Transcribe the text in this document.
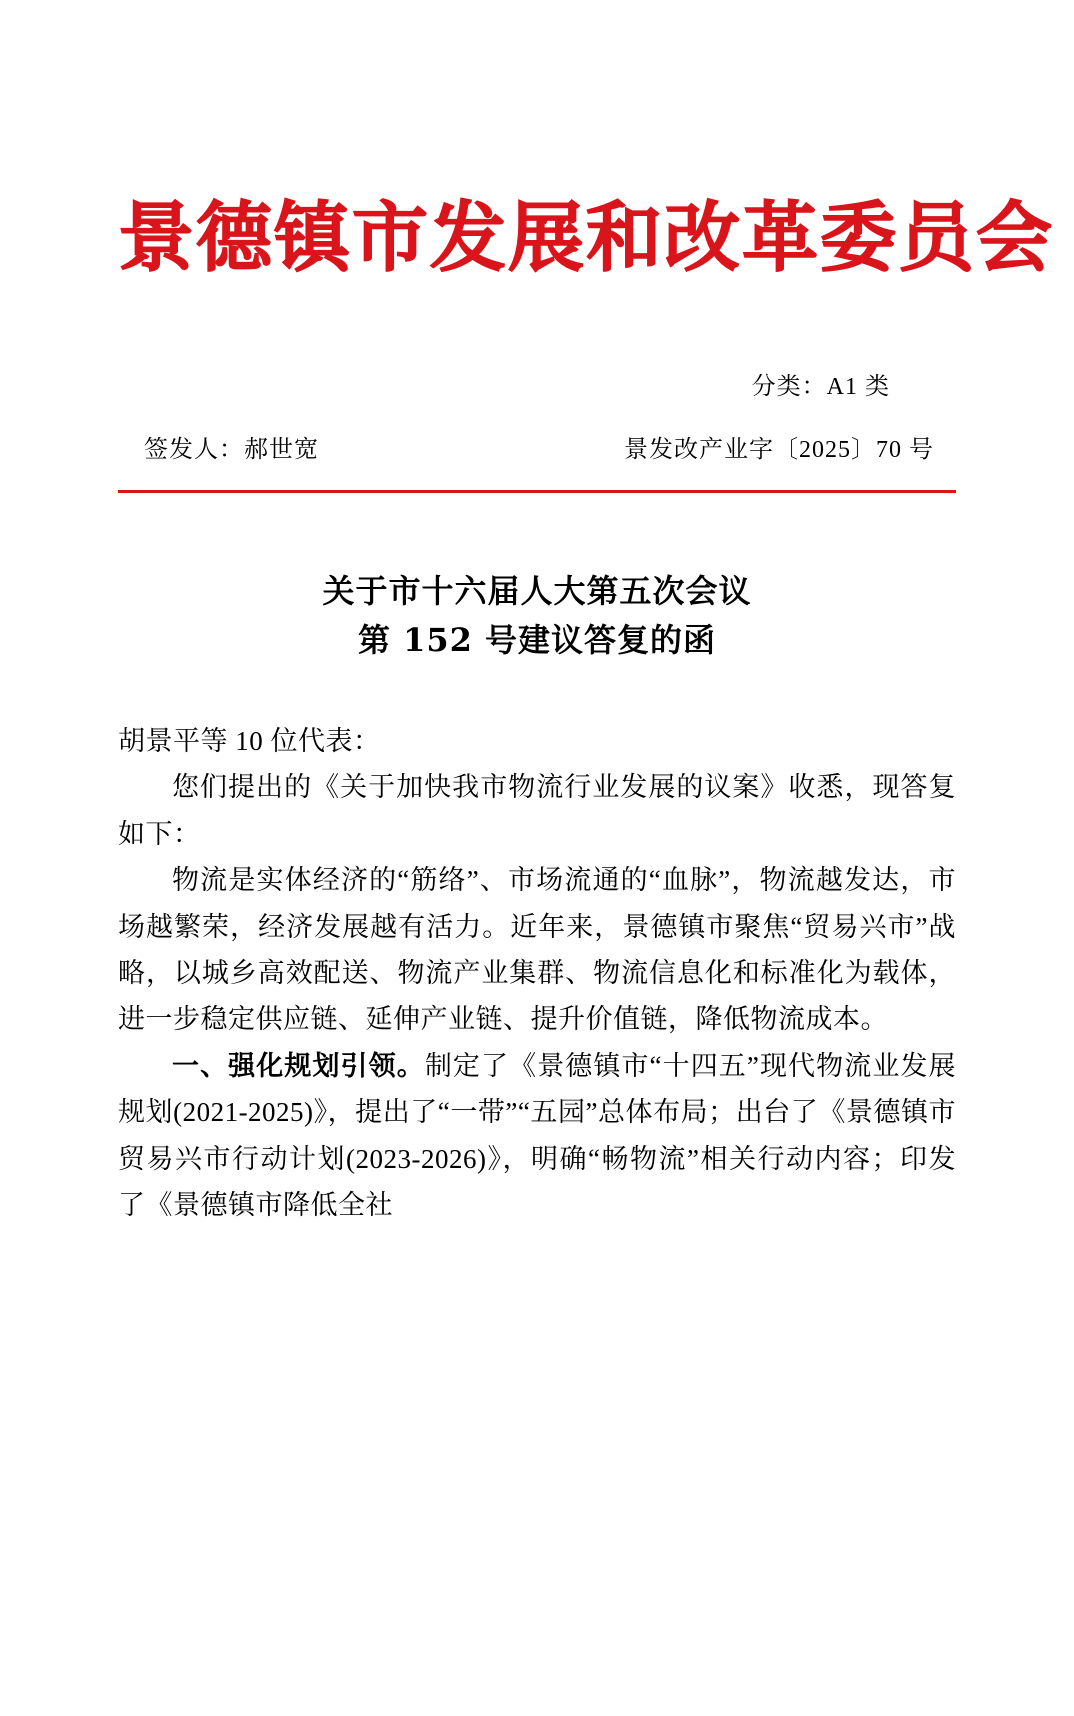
景德镇市发展和改革委员会
分类：A1 类
签发人： 郝世宽	景发改产业字〔2025〕70 号
关于市十六届人大第五次会议
第 152 号建议答复的函

胡景平等 10 位代表：

您们提出的《关于加快我市物流行业发展的议案》收悉，现答复如下：

物流是实体经济的“筋络”、市场流通的“血脉”，物流越发达，市场越繁荣，经济发展越有活力。近年来，景德镇市聚焦“贸易兴市”战略，以城乡高效配送、物流产业集群、物流信息化和标准化为载体，进一步稳定供应链、延伸产业链、提升价值链，降低物流成本。

一、强化规划引领。制定了《景德镇市“十四五”现代物流业发展规划(2021-2025)》，提出了“一带”“五园”总体布局；出台了《景德镇市贸易兴市行动计划(2023-2026)》，明确“畅物流”相关行动内容；印发了《景德镇市降低全社
